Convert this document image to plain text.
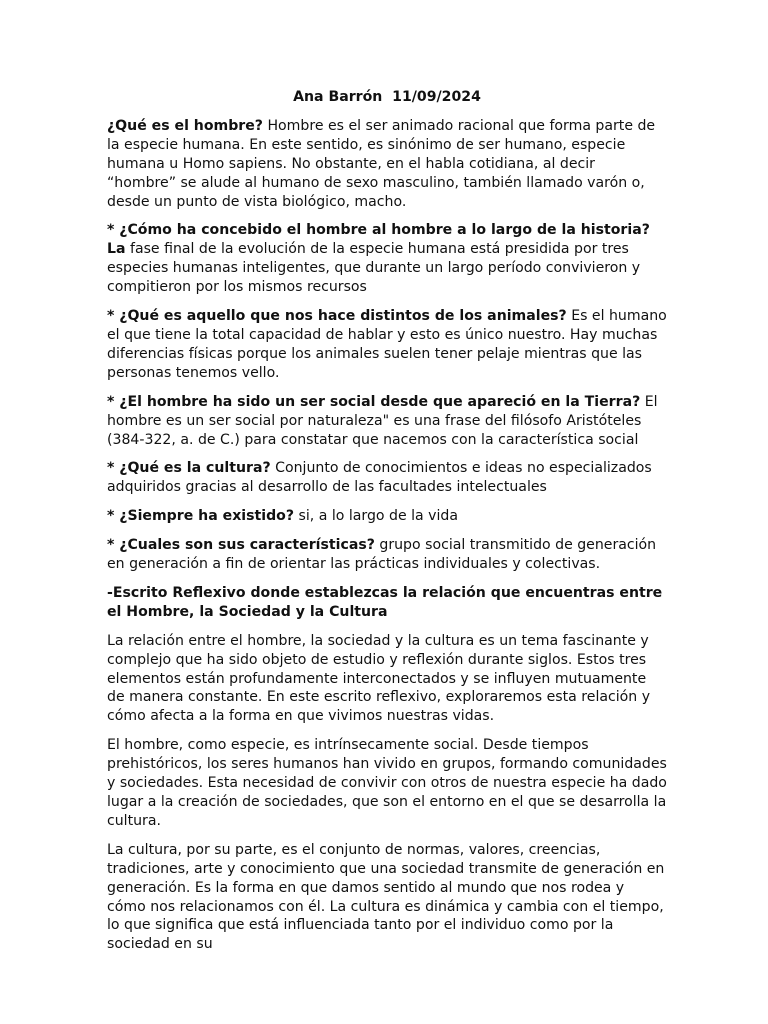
Ana Barrón 11/09/2024

¿Qué es el hombre? Hombre es el ser animado racional que forma parte de la especie humana. En este sentido, es sinónimo de ser humano, especie humana u Homo sapiens. No obstante, en el habla cotidiana, al decir “hombre” se alude al humano de sexo masculino, también llamado varón o, desde un punto de vista biológico, macho.

* ¿Cómo ha concebido el hombre al hombre a lo largo de la historia? La fase final de la evolución de la especie humana está presidida por tres especies humanas inteligentes, que durante un largo período convivieron y compitieron por los mismos recursos

* ¿Qué es aquello que nos hace distintos de los animales? Es el humano el que tiene la total capacidad de hablar y esto es único nuestro. Hay muchas diferencias físicas porque los animales suelen tener pelaje mientras que las personas tenemos vello.

* ¿El hombre ha sido un ser social desde que apareció en la Tierra? El hombre es un ser social por naturaleza" es una frase del filósofo Aristóteles (384-322, a. de C.) para constatar que nacemos con la característica social

* ¿Qué es la cultura? Conjunto de conocimientos e ideas no especializados adquiridos gracias al desarrollo de las facultades intelectuales

* ¿Siempre ha existido? si, a lo largo de la vida

* ¿Cuales son sus características? grupo social transmitido de generación en generación a fin de orientar las prácticas individuales y colectivas.

-Escrito Reflexivo donde establezcas la relación que encuentras entre el Hombre, la Sociedad y la Cultura

La relación entre el hombre, la sociedad y la cultura es un tema fascinante y complejo que ha sido objeto de estudio y reflexión durante siglos. Estos tres elementos están profundamente interconectados y se influyen mutuamente de manera constante. En este escrito reflexivo, exploraremos esta relación y cómo afecta a la forma en que vivimos nuestras vidas.

El hombre, como especie, es intrínsecamente social. Desde tiempos prehistóricos, los seres humanos han vivido en grupos, formando comunidades y sociedades. Esta necesidad de convivir con otros de nuestra especie ha dado lugar a la creación de sociedades, que son el entorno en el que se desarrolla la cultura.

La cultura, por su parte, es el conjunto de normas, valores, creencias, tradiciones, arte y conocimiento que una sociedad transmite de generación en generación. Es la forma en que damos sentido al mundo que nos rodea y cómo nos relacionamos con él. La cultura es dinámica y cambia con el tiempo, lo que significa que está influenciada tanto por el individuo como por la sociedad en su
